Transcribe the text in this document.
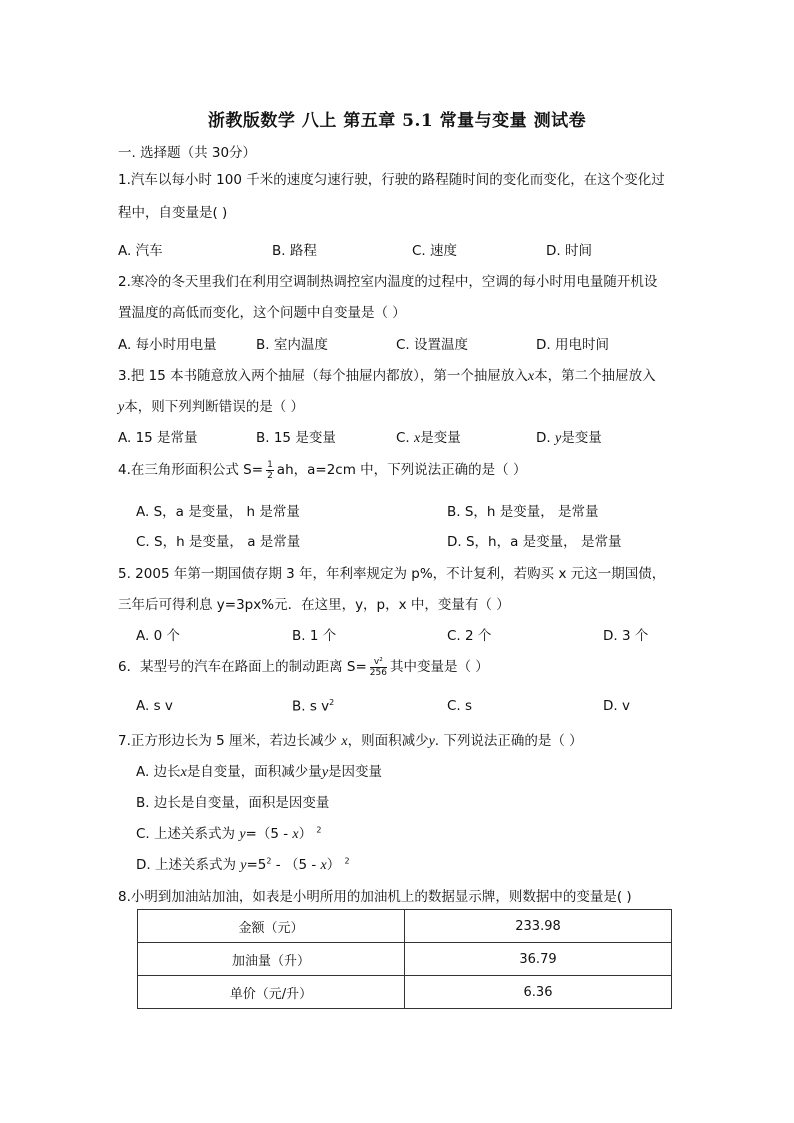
浙教版数学 八上 第五章 5.1 常量与变量 测试卷
一. 选择题（共 30分）
1.汽车以每小时 100 千米的速度匀速行驶，行驶的路程随时间的变化而变化，在这个变化过
程中，自变量是( )
A. 汽车	B. 路程	C. 速度	D. 时间
2.寒冷的冬天里我们在利用空调制热调控室内温度的过程中，空调的每小时用电量随开机设
置温度的高低而变化，这个问题中自变量是（ ）
A. 每小时用电量	B. 室内温度	C. 设置温度	D. 用电时间
3.把 15 本书随意放入两个抽屉（每个抽屉内都放），第一个抽屉放入x本，第二个抽屉放入
y本，则下列判断错误的是（ ）
A. 15 是常量	B. 15 是变量	C. x是变量	D. y是变量
4.在三角形面积公式 $S= \frac{1}{2}$ ah，a=2cm 中，下列说法正确的是（ ）
A. S，a 是变量， h 是常量	B. S，h 是变量， 是常量
C. S，h 是变量， a 是常量	D. S，h，a 是变量， 是常量
5. 2005 年第一期国债存期 3 年，年利率规定为 p%，不计复利，若购买 x 元这一期国债，
三年后可得利息 y=3px%元．在这里，y，p，x 中，变量有（ ）
A. 0 个	B. 1 个	C. 2 个	D. 3 个
6．某型号的汽车在路面上的制动距离 $S= \frac{\text{v²}}{256}$ 其中变量是（ ）
A. s v	B. s $v^2$	C. s	D. v
7.正方形边长为 5 厘米，若边长减少 x，则面积减少y. 下列说法正确的是（ ）
A. 边长x是自变量，面积减少量y是因变量
B. 边长是自变量，面积是因变量
C. 上述关系式为 y=（5 - x） $^2$
D. 上述关系式为 $y=5^2 - (5 - x)$ $^2$
8.小明到加油站加油，如表是小明所用的加油机上的数据显示牌，则数据中的变量是( )
金额（元）	233.98
加油量（升）	36.79
单价（元/升）	6.36
